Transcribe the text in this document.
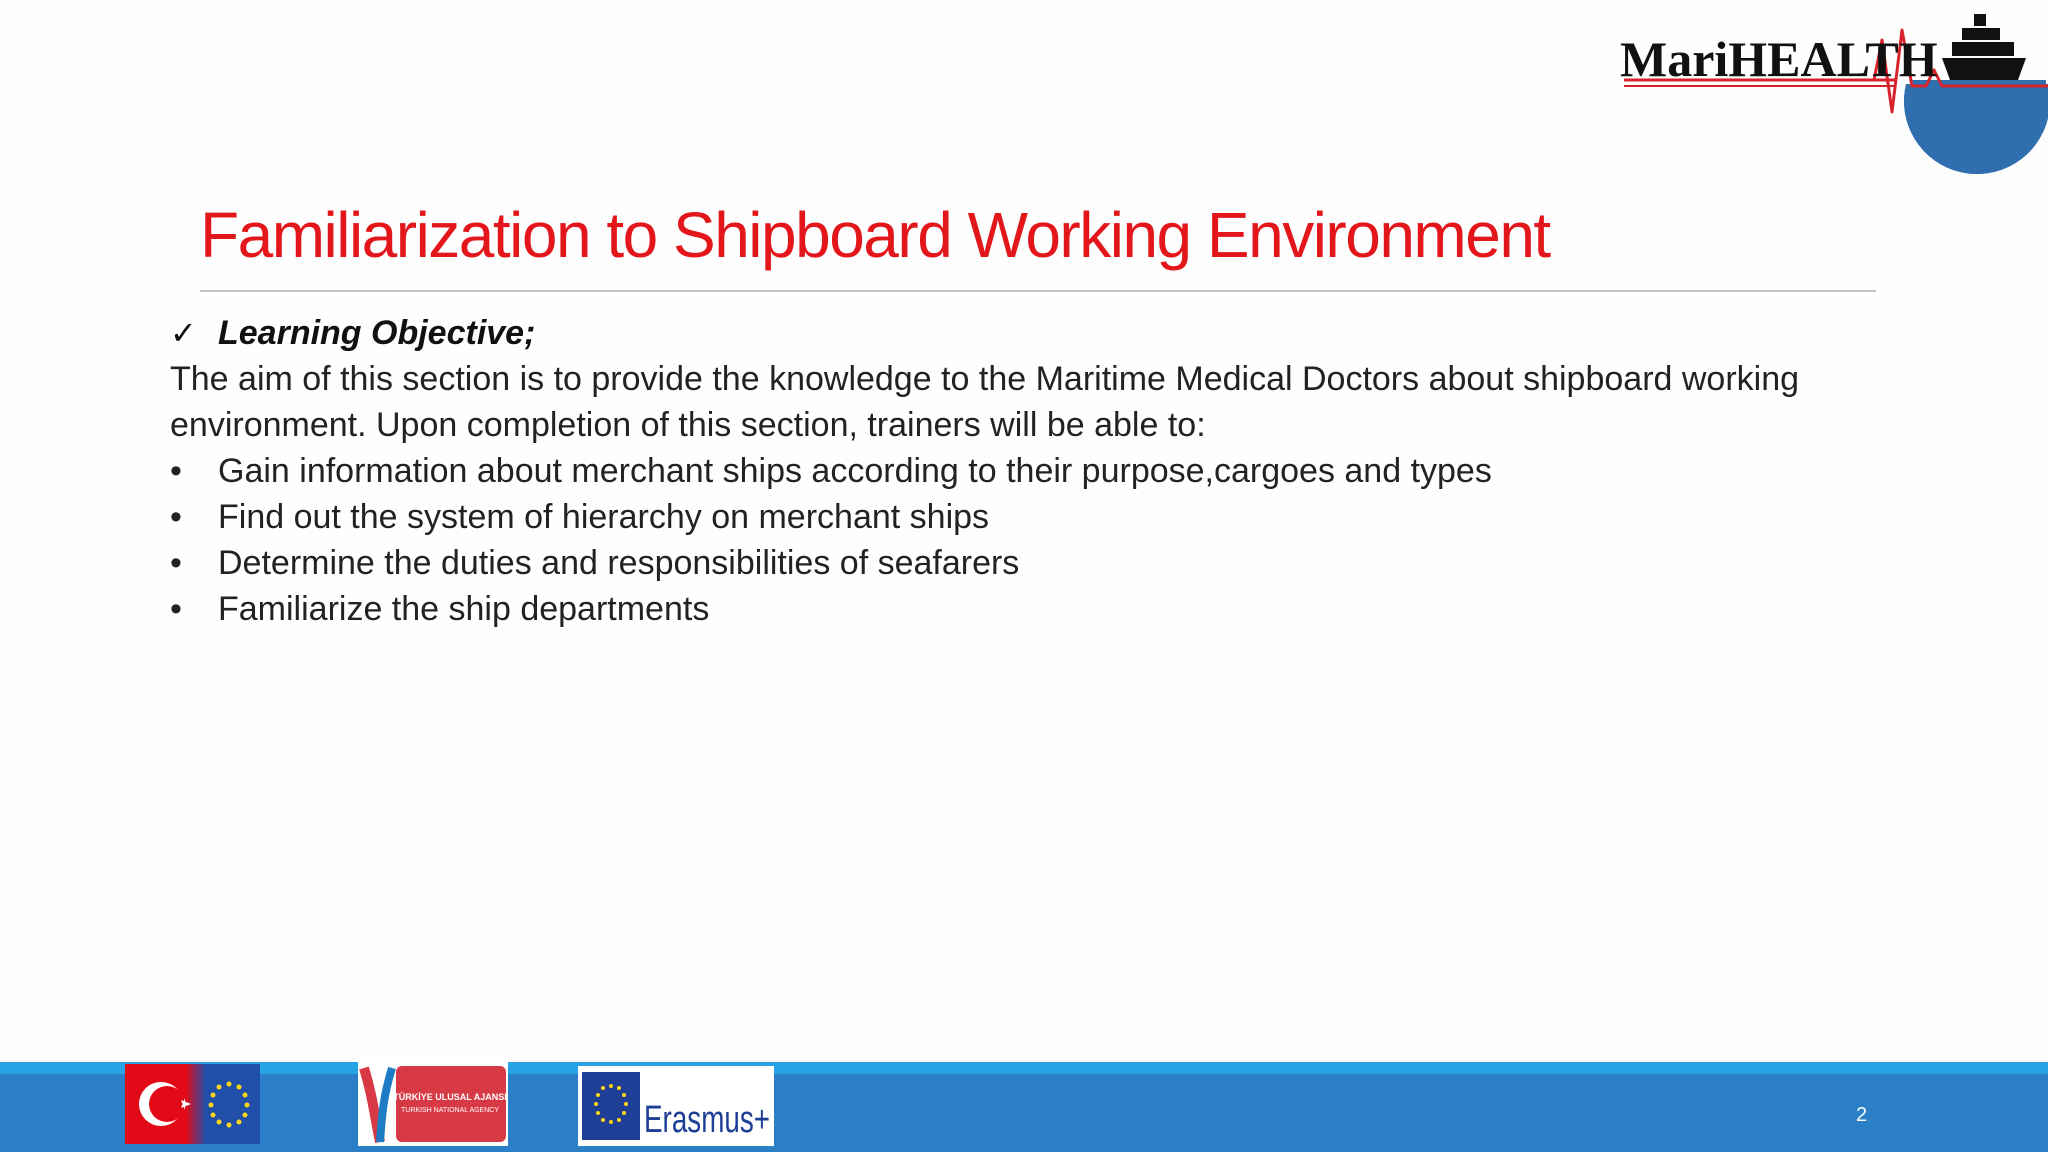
MariHEALTH
Familiarization to Shipboard Working Environment
✓ Learning Objective;

The aim of this section is to provide the knowledge to the Maritime Medical Doctors about shipboard working environment. Upon completion of this section, trainers will be able to:

•	Gain information about merchant ships according to their purpose,cargoes and types
•	Find out the system of hierarchy on merchant ships
•	Determine the duties and responsibilities of seafarers
•	Familiarize the ship departments
TÜRKİYE ULUSAL AJANSI
TURKISH NATIONAL AGENCY	Erasmus+	2
